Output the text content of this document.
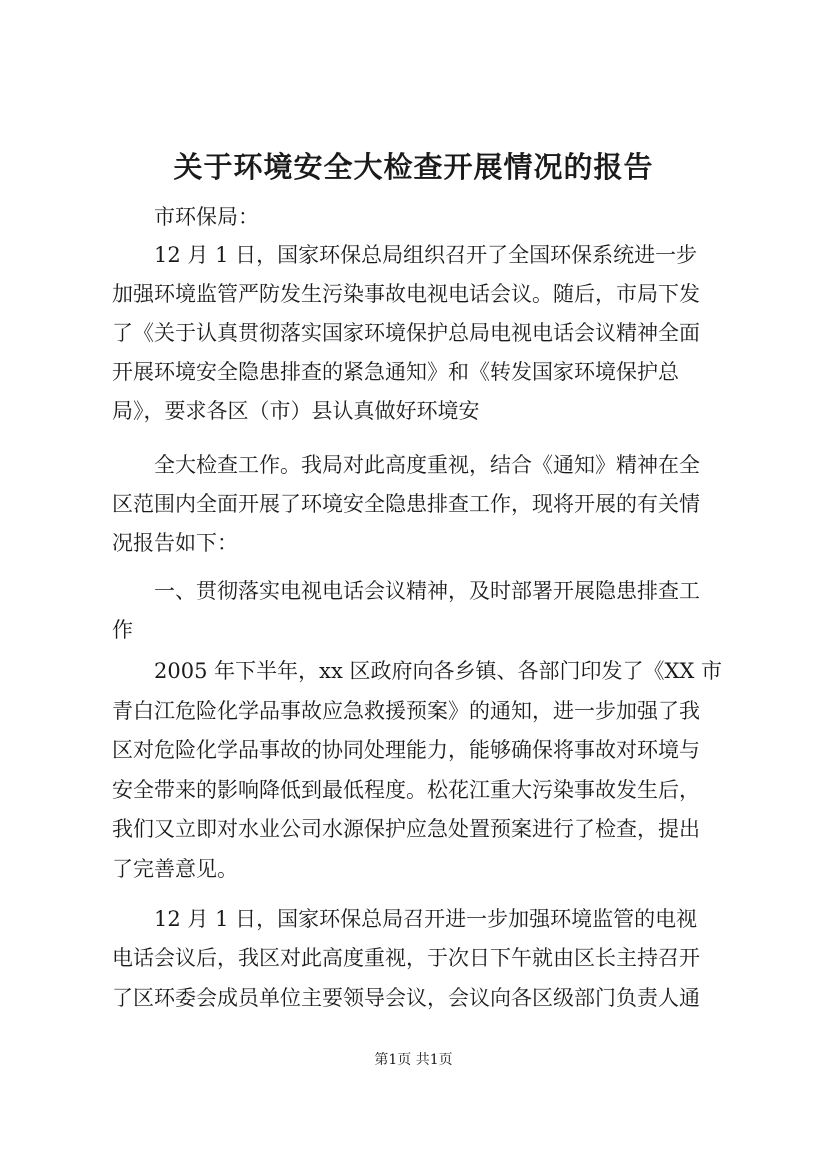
关于环境安全大检查开展情况的报告

　　市环保局：

　　12 月 1 日，国家环保总局组织召开了全国环保系统进一步

加强环境监管严防发生污染事故电视电话会议。随后，市局下发

了《关于认真贯彻落实国家环境保护总局电视电话会议精神全面

开展环境安全隐患排查的紧急通知》和《转发国家环境保护总

局》，要求各区（市）县认真做好环境安

　　全大检查工作。我局对此高度重视，结合《通知》精神在全

区范围内全面开展了环境安全隐患排查工作，现将开展的有关情

况报告如下：

　　一、贯彻落实电视电话会议精神，及时部署开展隐患排查工

作

　　2005 年下半年，xx 区政府向各乡镇、各部门印发了《XX 市

青白江危险化学品事故应急救援预案》的通知，进一步加强了我

区对危险化学品事故的协同处理能力，能够确保将事故对环境与

安全带来的影响降低到最低程度。松花江重大污染事故发生后，

我们又立即对水业公司水源保护应急处置预案进行了检查，提出

了完善意见。

　　12 月 1 日，国家环保总局召开进一步加强环境监管的电视

电话会议后，我区对此高度重视，于次日下午就由区长主持召开

了区环委会成员单位主要领导会议，会议向各区级部门负责人通

第1页 共1页
